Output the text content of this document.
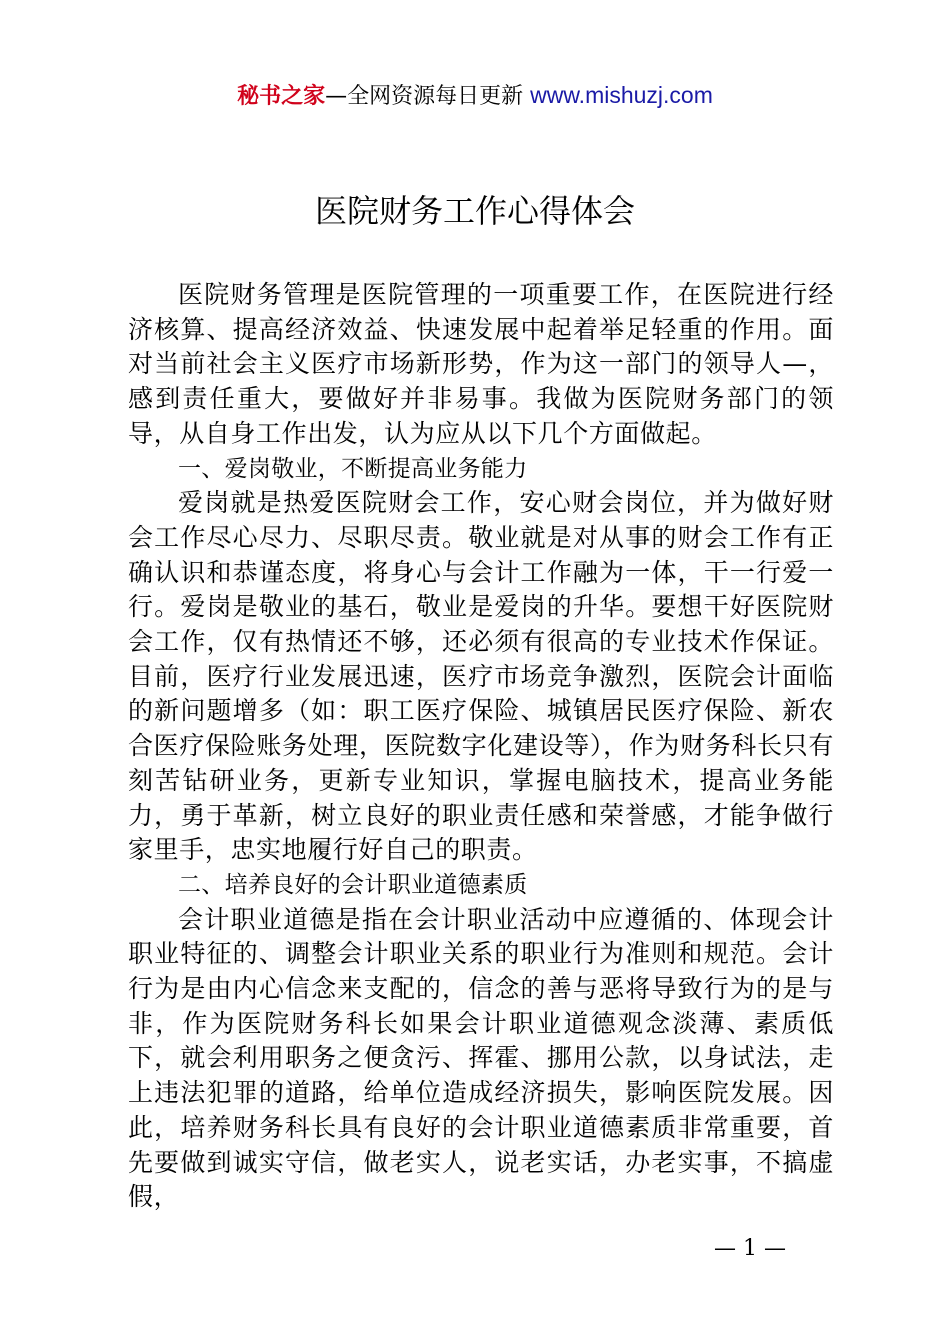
秘书之家—全网资源每日更新 www.mishuzj.com
医院财务工作心得体会

医院财务管理是医院管理的一项重要工作，在医院进行经济核算、提高经济效益、快速发展中起着举足轻重的作用。面对当前社会主义医疗市场新形势，作为这一部门的领导人—，感到责任重大，要做好并非易事。我做为医院财务部门的领导，从自身工作出发，认为应从以下几个方面做起。

一、爱岗敬业，不断提高业务能力

爱岗就是热爱医院财会工作，安心财会岗位，并为做好财会工作尽心尽力、尽职尽责。敬业就是对从事的财会工作有正确认识和恭谨态度，将身心与会计工作融为一体，干一行爱一行。爱岗是敬业的基石，敬业是爱岗的升华。要想干好医院财会工作，仅有热情还不够，还必须有很高的专业技术作保证。目前，医疗行业发展迅速，医疗市场竞争激烈，医院会计面临的新问题增多（如：职工医疗保险、城镇居民医疗保险、新农合医疗保险账务处理，医院数字化建设等），作为财务科长只有刻苦钻研业务，更新专业知识，掌握电脑技术，提高业务能力，勇于革新，树立良好的职业责任感和荣誉感，才能争做行家里手，忠实地履行好自己的职责。

二、培养良好的会计职业道德素质

会计职业道德是指在会计职业活动中应遵循的、体现会计职业特征的、调整会计职业关系的职业行为准则和规范。会计行为是由内心信念来支配的，信念的善与恶将导致行为的是与非，作为医院财务科长如果会计职业道德观念淡薄、素质低下，就会利用职务之便贪污、挥霍、挪用公款，以身试法，走上违法犯罪的道路，给单位造成经济损失，影响医院发展。因此，培养财务科长具有良好的会计职业道德素质非常重要，首先要做到诚实守信，做老实人，说老实话，办老实事，不搞虚假，

— 1 —
